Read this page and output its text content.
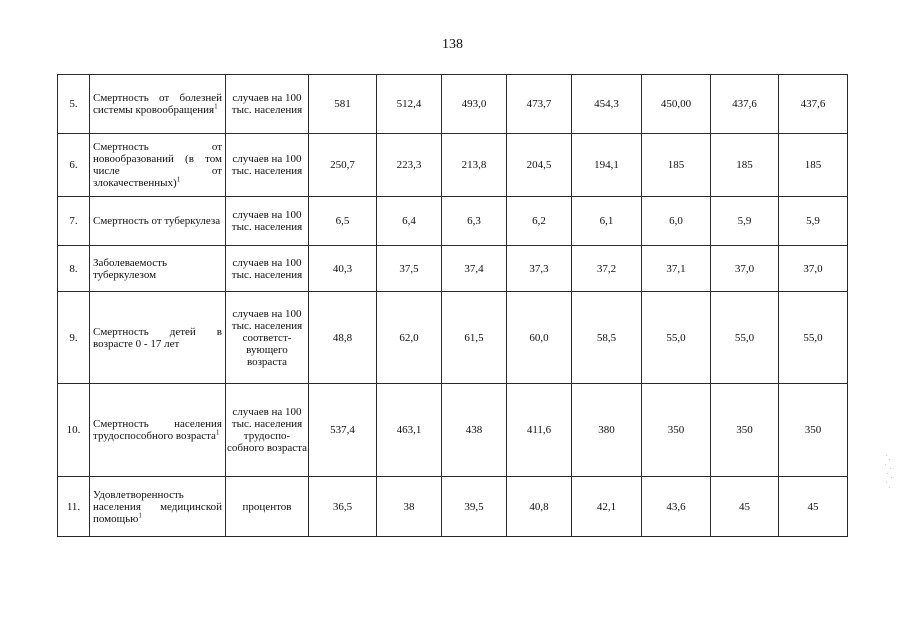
138
5.	Смертность от болезней системы кровообращения$^1$	случаев на 100 тыс. населения	581	512,4	493,0	473,7	454,3	450,00	437,6	437,6
6.	Смертность от новообразований (в том числе от злокачественных)$^1$	случаев на 100 тыс. населения	250,7	223,3	213,8	204,5	194,1	185	185	185
7.	Смертность от туберкулеза	случаев на 100 тыс. населения	6,5	6,4	6,3	6,2	6,1	6,0	5,9	5,9
8.	Заболеваемость туберкулезом	случаев на 100 тыс. населения	40,3	37,5	37,4	37,3	37,2	37,1	37,0	37,0
9.	Смертность детей в возрасте 0 - 17 лет	случаев на 100 тыс. населения соответст-вующего возраста	48,8	62,0	61,5	60,0	58,5	55,0	55,0	55,0
10.	Смертность населения трудоспособного возраста$^1$	случаев на 100 тыс. населения трудоспо-собного возраста	537,4	463,1	438	411,6	380	350	350	350
11.	Удовлетворенность населения медицинской помощью$^1$	процентов	36,5	38	39,5	40,8	42,1	43,6	45	45
